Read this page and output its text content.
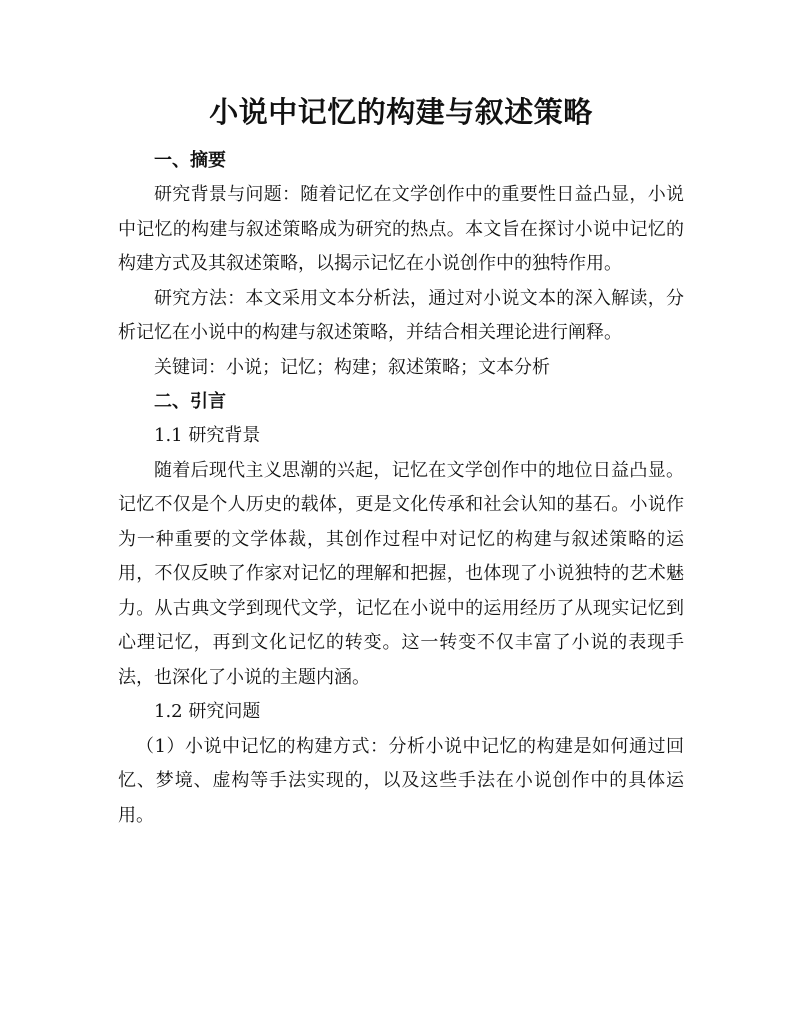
小说中记忆的构建与叙述策略

一、摘要

研究背景与问题：随着记忆在文学创作中的重要性日益凸显，小说中记忆的构建与叙述策略成为研究的热点。本文旨在探讨小说中记忆的构建方式及其叙述策略，以揭示记忆在小说创作中的独特作用。

研究方法：本文采用文本分析法，通过对小说文本的深入解读，分析记忆在小说中的构建与叙述策略，并结合相关理论进行阐释。

关键词：小说；记忆；构建；叙述策略；文本分析

二、引言

1.1 研究背景

随着后现代主义思潮的兴起，记忆在文学创作中的地位日益凸显。记忆不仅是个人历史的载体，更是文化传承和社会认知的基石。小说作为一种重要的文学体裁，其创作过程中对记忆的构建与叙述策略的运用，不仅反映了作家对记忆的理解和把握，也体现了小说独特的艺术魅力。从古典文学到现代文学，记忆在小说中的运用经历了从现实记忆到心理记忆，再到文化记忆的转变。这一转变不仅丰富了小说的表现手法，也深化了小说的主题内涵。

1.2 研究问题

（1）小说中记忆的构建方式：分析小说中记忆的构建是如何通过回忆、梦境、虚构等手法实现的，以及这些手法在小说创作中的具体运用。
